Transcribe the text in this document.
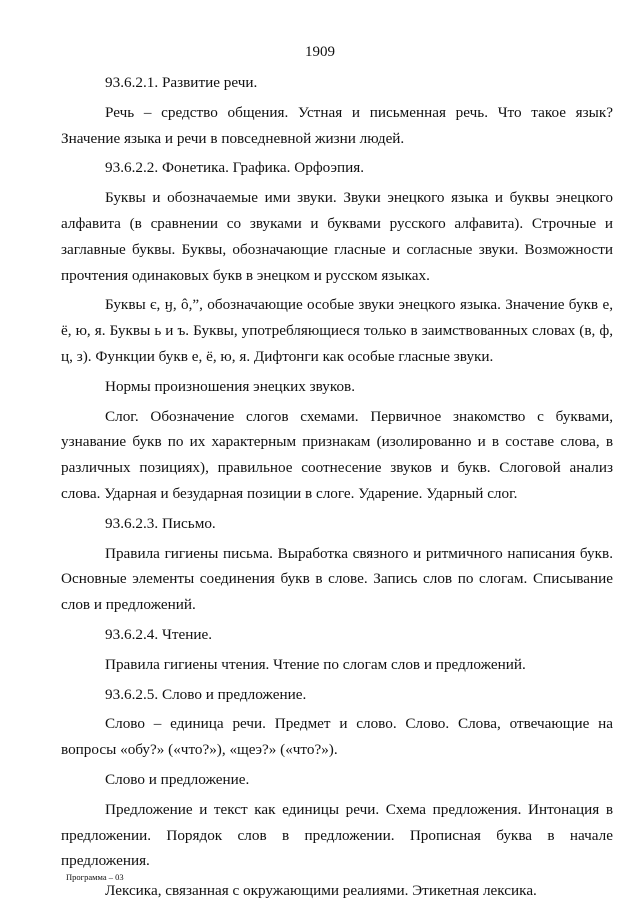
1909

93.6.2.1. Развитие речи.

Речь – средство общения. Устная и письменная речь. Что такое язык? Значение языка и речи в повседневной жизни людей.

93.6.2.2. Фонетика. Графика. Орфоэпия.

Буквы и обозначаемые ими звуки. Звуки энецкого языка и буквы энецкого алфавита (в сравнении со звуками и буквами русского алфавита). Строчные и заглавные буквы. Буквы, обозначающие гласные и согласные звуки. Возможности прочтения одинаковых букв в энецком и русском языках.

Буквы є, ӈ, ô,”, обозначающие особые звуки энецкого языка. Значение букв е, ё, ю, я. Буквы ь и ъ. Буквы, употребляющиеся только в заимствованных словах (в, ф, ц, з). Функции букв е, ё, ю, я. Дифтонги как особые гласные звуки.

Нормы произношения энецких звуков.

Слог. Обозначение слогов схемами. Первичное знакомство с буквами, узнавание букв по их характерным признакам (изолированно и в составе слова, в различных позициях), правильное соотнесение звуков и букв. Слоговой анализ слова. Ударная и безударная позиции в слоге. Ударение. Ударный слог.

93.6.2.3. Письмо.

Правила гигиены письма. Выработка связного и ритмичного написания букв. Основные элементы соединения букв в слове. Запись слов по слогам. Списывание слов и предложений.

93.6.2.4. Чтение.

Правила гигиены чтения. Чтение по слогам слов и предложений.

93.6.2.5. Слово и предложение.

Слово – единица речи. Предмет и слово. Слово. Слова, отвечающие на вопросы «обу?» («что?»), «щеэ?» («что?»).

Слово и предложение.

Предложение и текст как единицы речи. Схема предложения. Интонация в предложении. Порядок слов в предложении. Прописная буква в начале предложения.

Лексика, связанная с окружающими реалиями. Этикетная лексика.

Программа – 03
